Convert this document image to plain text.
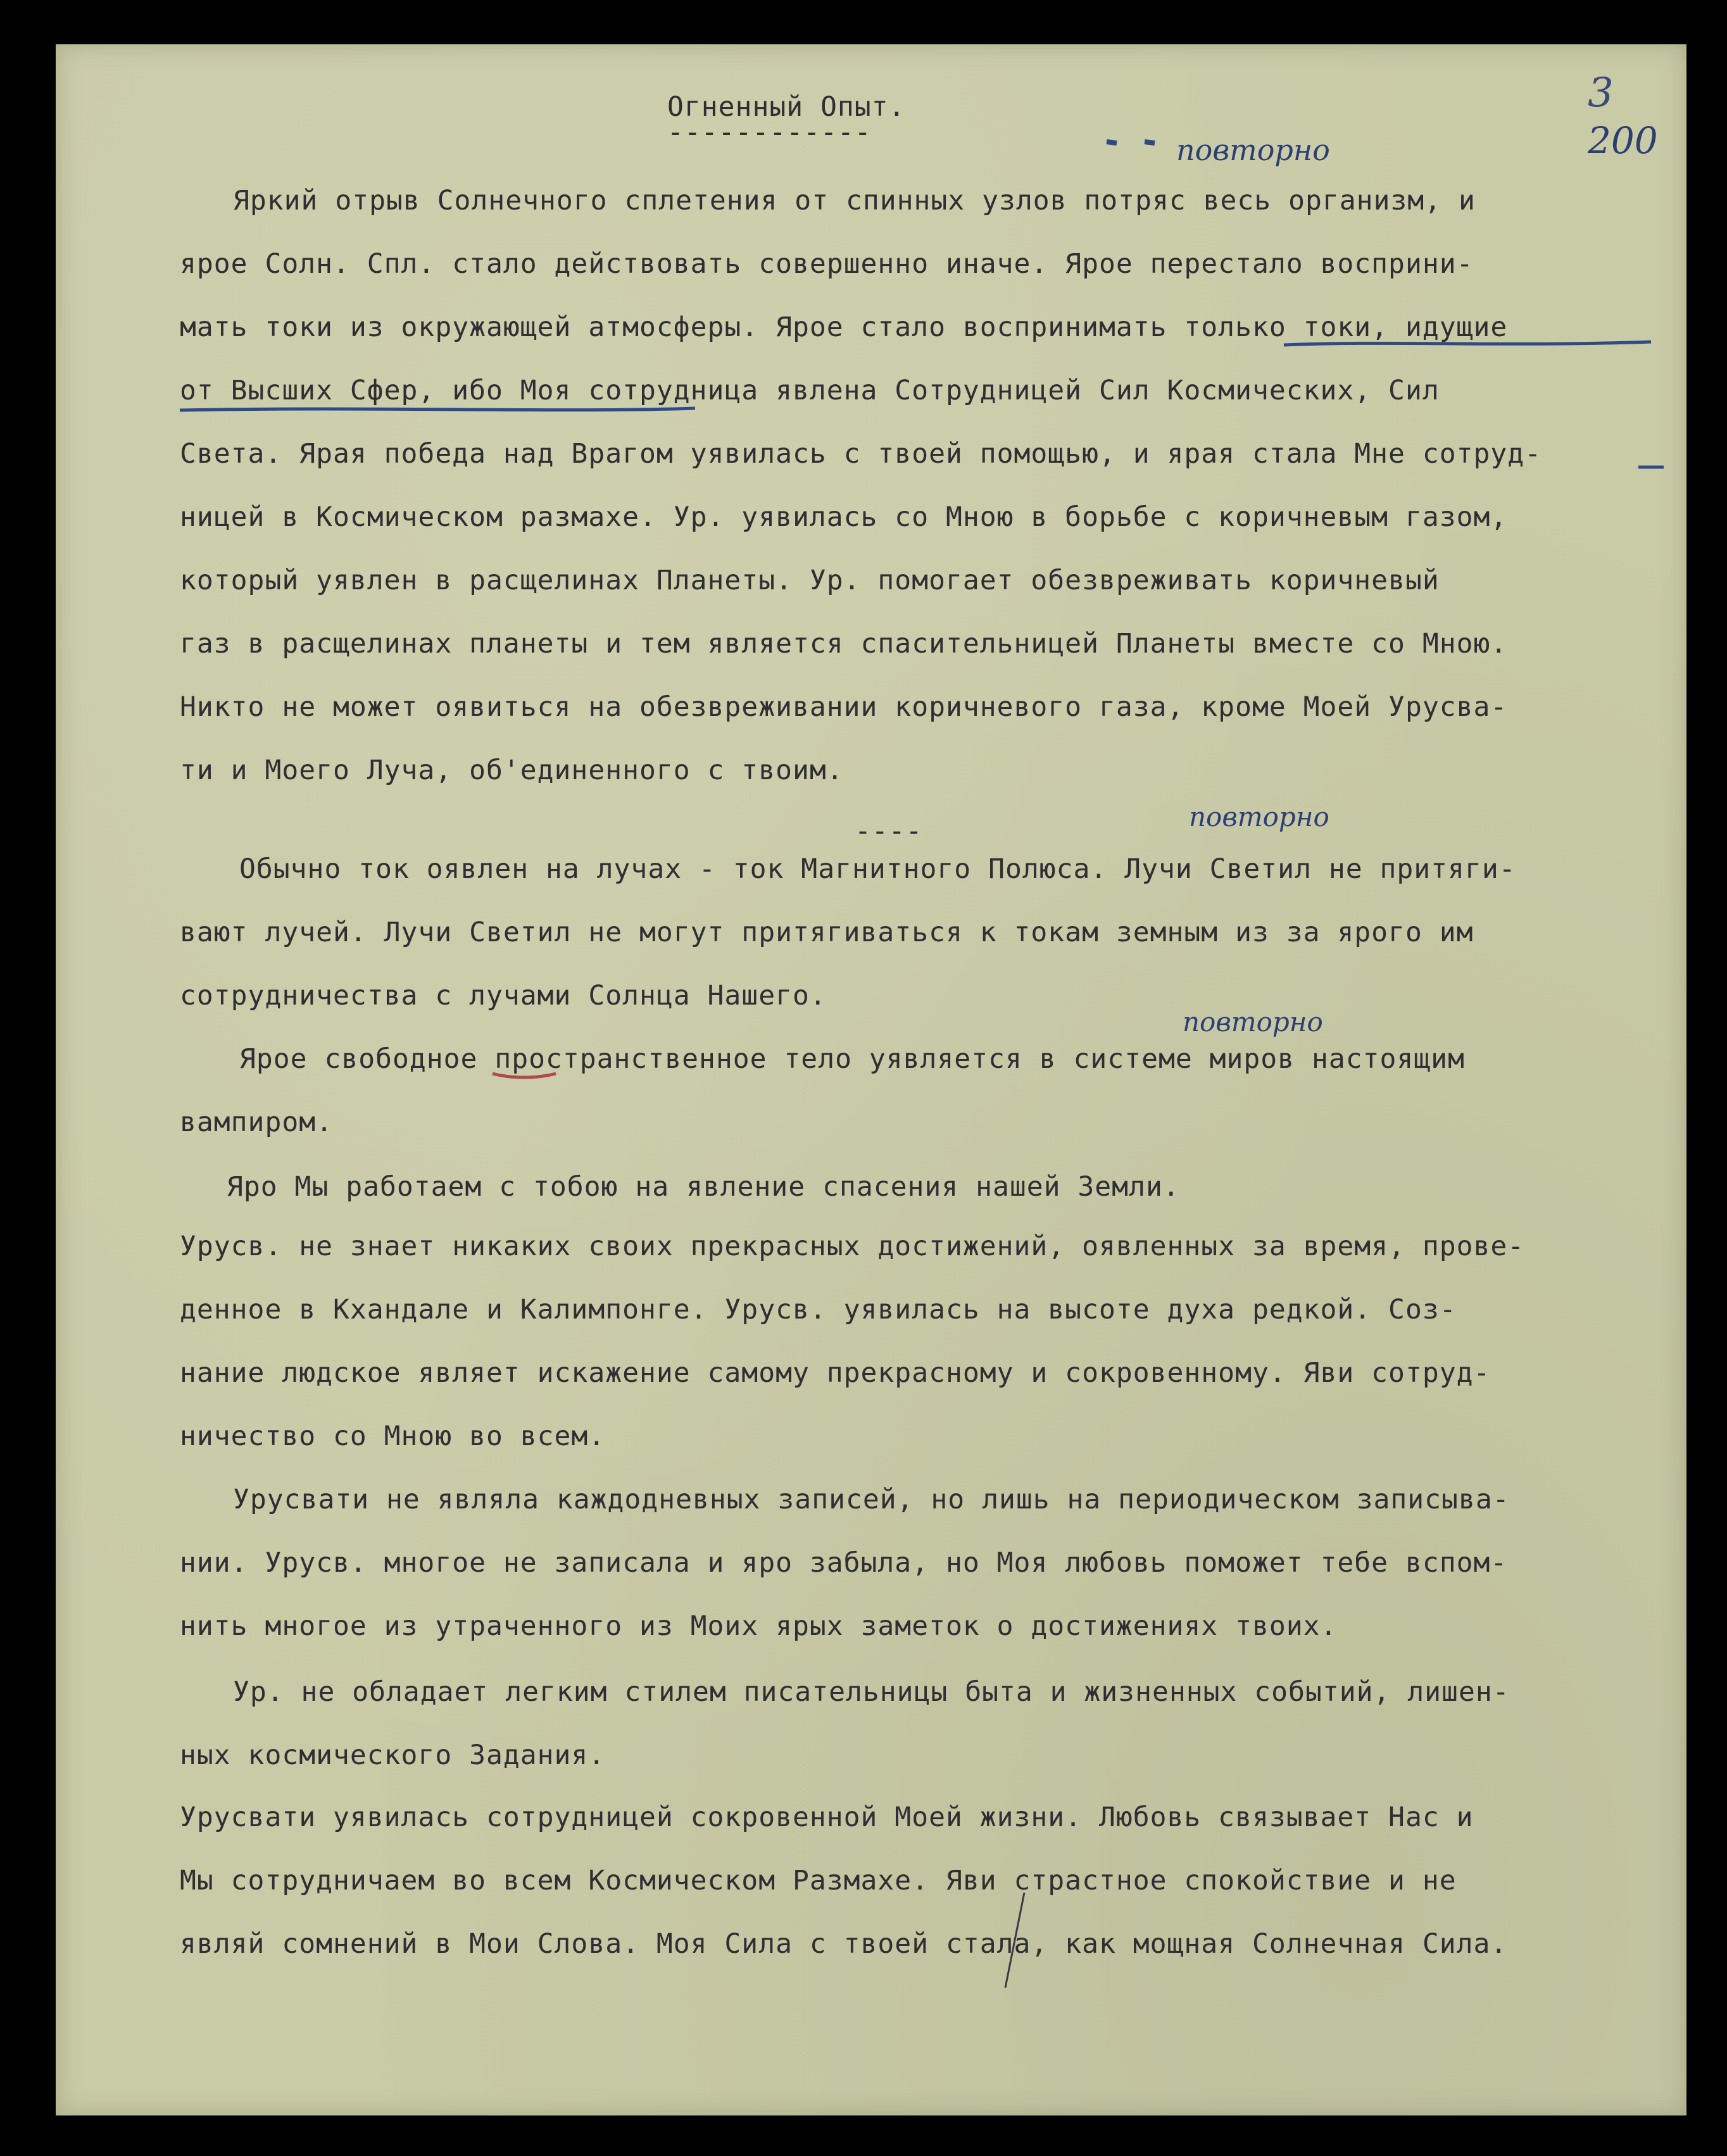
3
200
повторно
повторно
повторно
Огненный Опыт.
------------
Яркий отрыв Солнечного сплетения от спинных узлов потряс весь организм, и
ярое Солн. Спл. стало действовать совершенно иначе. Ярое перестало восприни-
мать токи из окружающей атмосферы. Ярое стало воспринимать только токи, идущие
от Высших Сфер, ибо Моя сотрудница явлена Сотрудницей Сил Космических, Сил
Света. Ярая победа над Врагом уявилась с твоей помощью, и ярая стала Мне сотруд-
ницей в Космическом размахе. Ур. уявилась со Мною в борьбе с коричневым газом,
который уявлен в расщелинах Планеты. Ур. помогает обезвреживать коричневый
газ в расщелинах планеты и тем является спасительницей Планеты вместе со Мною.
Никто не может оявиться на обезвреживании коричневого газа, кроме Моей Урусва-
ти и Моего Луча, об'единенного с твоим.
----
Обычно ток оявлен на лучах - ток Магнитного Полюса. Лучи Светил не притяги-
вают лучей. Лучи Светил не могут притягиваться к токам земным из за ярого им
сотрудничества с лучами Солнца Нашего.
Ярое свободное пространственное тело уявляется в системе миров настоящим
вампиром.
Яро Мы работаем с тобою на явление спасения нашей Земли.
Урусв. не знает никаких своих прекрасных достижений, оявленных за время, прове-
денное в Кхандале и Калимпонге. Урусв. уявилась на высоте духа редкой. Соз-
нание людское являет искажение самому прекрасному и сокровенному. Яви сотруд-
ничество со Мною во всем.
Урусвати не являла каждодневных записей, но лишь на периодическом записыва-
нии. Урусв. многое не записала и яро забыла, но Моя любовь поможет тебе вспом-
нить многое из утраченного из Моих ярых заметок о достижениях твоих.
Ур. не обладает легким стилем писательницы быта и жизненных событий, лишен-
ных космического Задания.
Урусвати уявилась сотрудницей сокровенной Моей жизни. Любовь связывает Нас и
Мы сотрудничаем во всем Космическом Размахе. Яви страстное спокойствие и не
являй сомнений в Мои Слова. Моя Сила с твоей стала, как мощная Солнечная Сила.
